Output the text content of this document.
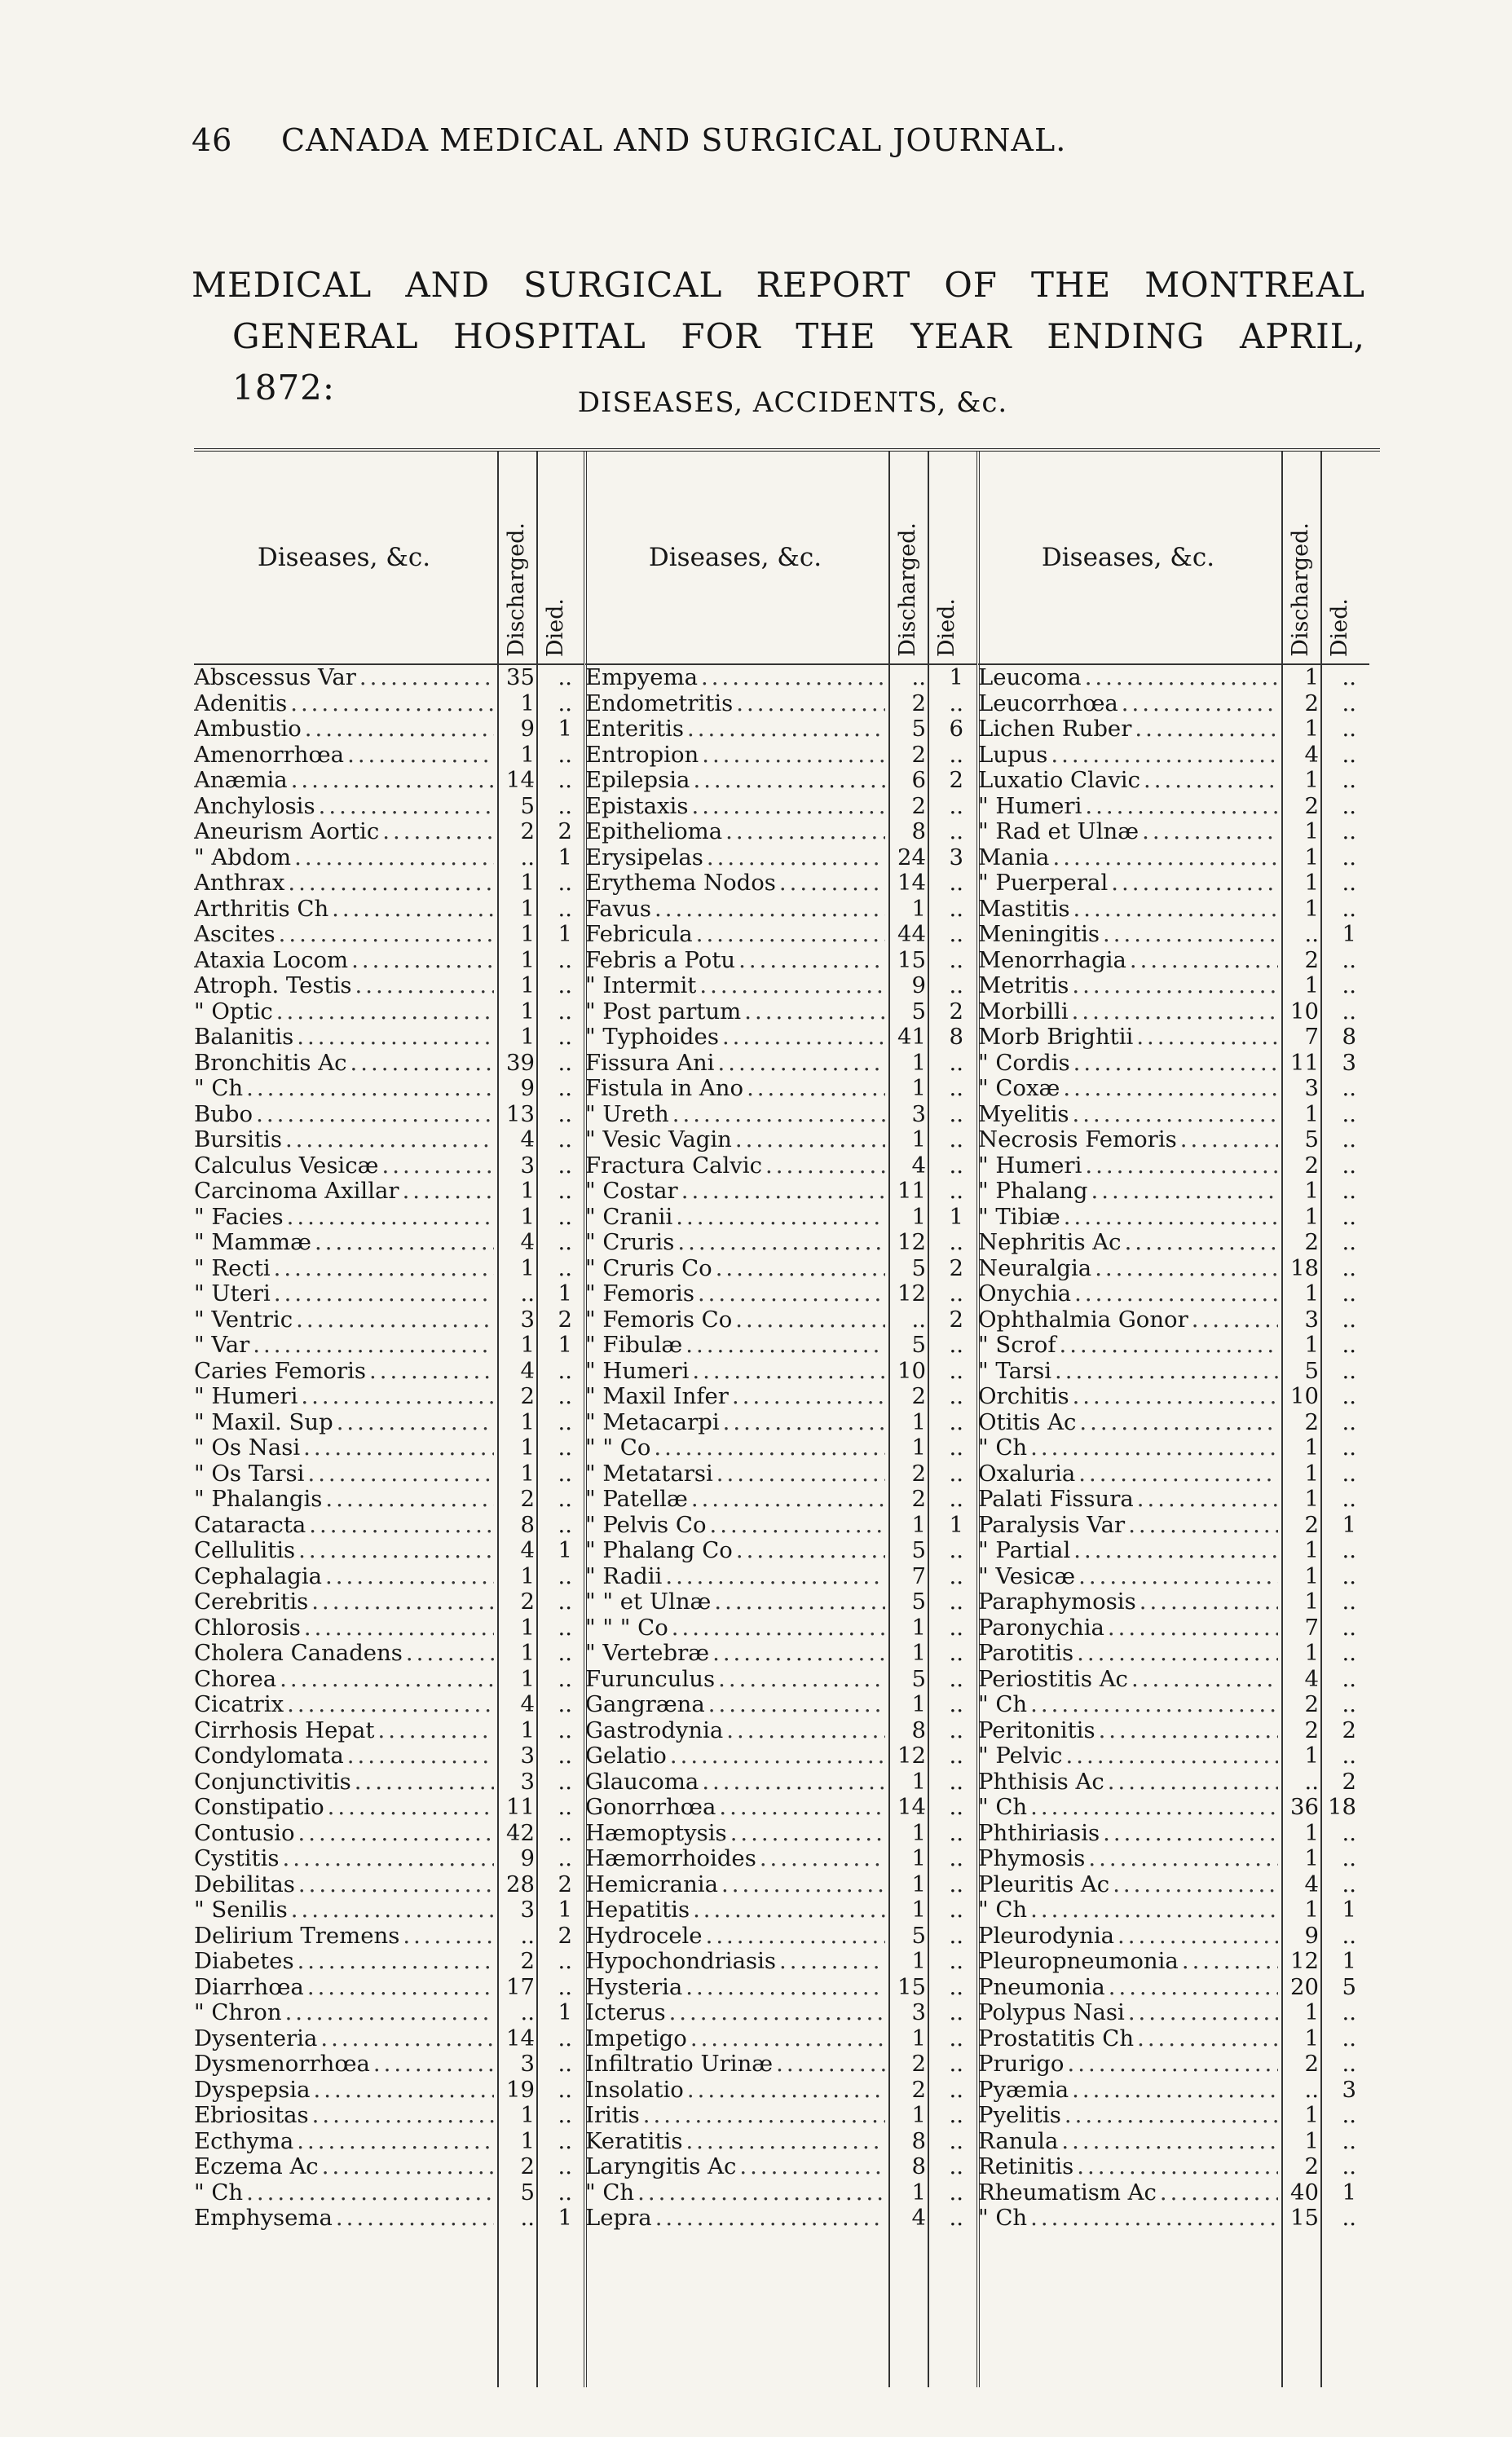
46 CANADA MEDICAL AND SURGICAL JOURNAL.
MEDICAL AND SURGICAL REPORT OF THE MONTREAL
GENERAL HOSPITAL FOR THE YEAR ENDING APRIL,
1872:	DISEASES, ACCIDENTS, &c.
Diseases, &c.	Discharged. Died.
Abscessus Var .....	35	..
Adenitis .....	1	..
Ambustio .....	9	1
Amenorrhœa .....	1	..
Anæmia .....	14	..
Anchylosis .....	5	..
Aneurism Aortic .....	2	2
" Abdom .....	..	1
Anthrax .....	1	..
Arthritis Ch .....	1	..
Ascites .....	1	1
Ataxia Locom .....	1	..
Atroph. Testis .....	1	..
" Optic .....	1	..
Balanitis .....	1	..
Bronchitis Ac .....	39	..
" Ch .....	9	..
Bubo .....	13	..
Bursitis .....	4	..
Calculus Vesicæ .....	3	..
Carcinoma Axillar .....	1	..
" Facies .....	1	..
" Mammæ .....	4	..
" Recti .....	1	..
" Uteri .....	..	1
" Ventric .....	3	2
" Var .....	1	1
Caries Femoris .....	4	..
" Humeri .....	2	..
" Maxil. Sup .....	1	..
" Os Nasi .....	1	..
" Os Tarsi .....	1	..
" Phalangis .....	2	..
Cataracta .....	8	..
Cellulitis .....	4	1
Cephalagia .....	1	..
Cerebritis .....	2	..
Chlorosis .....	1	..
Cholera Canadens .....	1	..
Chorea .....	1	..
Cicatrix .....	4	..
Cirrhosis Hepat .....	1	..
Condylomata .....	3	..
Conjunctivitis .....	3	..
Constipatio .....	11	..
Contusio .....	42	..
Cystitis .....	9	..
Debilitas .....	28	2
" Senilis .....	3	1
Delirium Tremens .....	..	2
Diabetes .....	2	..
Diarrhœa .....	17	..
" Chron .....	..	1
Dysenteria .....	14	..
Dysmenorrhœa .....	3	..
Dyspepsia .....	19	..
Ebriositas .....	1	..
Ecthyma .....	1	..
Eczema Ac .....	2	..
" Ch .....	5	..
Emphysema .....	..	1
Diseases, &c.	Discharged. Died.
Empyema .....	..	1
Endometritis .....	2	..
Enteritis .....	5	6
Entropion .....	2	..
Epilepsia .....	6	2
Epistaxis .....	2	..
Epithelioma .....	8	..
Erysipelas .....	24	3
Erythema Nodos .....	14	..
Favus .....	1	..
Febricula .....	44	..
Febris a Potu .....	15	..
" Intermit .....	9	..
" Post partum .....	5	2
" Typhoides .....	41	8
Fissura Ani .....	1	..
Fistula in Ano .....	1	..
" Ureth .....	3	..
" Vesic Vagin .....	1	..
Fractura Calvic .....	4	..
" Costar .....	11	..
" Cranii .....	1	1
" Cruris .....	12	..
" Cruris Co .....	5	2
" Femoris .....	12	..
" Femoris Co .....	..	2
" Fibulæ .....	5	..
" Humeri .....	10	..
" Maxil Infer .....	2	..
" Metacarpi .....	1	..
" " Co .....	1	..
" Metatarsi .....	2	..
" Patellæ .....	2	..
" Pelvis Co .....	1	1
" Phalang Co .....	5	..
" Radii .....	7	..
" " et Ulnæ .....	5	..
" " " Co .....	1	..
" Vertebræ .....	1	..
Furunculus .....	5	..
Gangræna .....	1	..
Gastrodynia .....	8	..
Gelatio .....	12	..
Glaucoma .....	1	..
Gonorrhœa .....	14	..
Hæmoptysis .....	1	..
Hæmorrhoides .....	1	..
Hemicrania .....	1	..
Hepatitis .....	1	..
Hydrocele .....	5	..
Hypochondriasis .....	1	..
Hysteria .....	15	..
Icterus .....	3	..
Impetigo .....	1	..
Infiltratio Urinæ .....	2	..
Insolatio .....	2	..
Iritis .....	1	..
Keratitis .....	8	..
Laryngitis Ac .....	8	..
" Ch .....	1	..
Lepra .....	4	..
Diseases, &c.	Discharged. Died.
Leucoma .....	1	..
Leucorrhœa .....	2	..
Lichen Ruber .....	1	..
Lupus .....	4	..
Luxatio Clavic .....	1	..
" Humeri .....	2	..
" Rad et Ulnæ .....	1	..
Mania .....	1	..
" Puerperal .....	1	..
Mastitis .....	1	..
Meningitis .....	..	1
Menorrhagia .....	2	..
Metritis .....	1	..
Morbilli .....	10	..
Morb Brightii .....	7	8
" Cordis .....	11	3
" Coxæ .....	3	..
Myelitis .....	1	..
Necrosis Femoris .....	5	..
" Humeri .....	2	..
" Phalang .....	1	..
" Tibiæ .....	1	..
Nephritis Ac .....	2	..
Neuralgia .....	18	..
Onychia .....	1	..
Ophthalmia Gonor .....	3	..
" Scrof .....	1	..
" Tarsi .....	5	..
Orchitis .....	10	..
Otitis Ac .....	2	..
" Ch .....	1	..
Oxaluria .....	1	..
Palati Fissura .....	1	..
Paralysis Var .....	2	1
" Partial .....	1	..
" Vesicæ .....	1	..
Paraphymosis .....	1	..
Paronychia .....	7	..
Parotitis .....	1	..
Periostitis Ac .....	4	..
" Ch .....	2	..
Peritonitis .....	2	2
" Pelvic .....	1	..
Phthisis Ac .....	..	2
" Ch .....	36 18
Phthiriasis .....	1	..
Phymosis .....	1	..
Pleuritis Ac .....	4	..
" Ch .....	1	1
Pleurodynia .....	9	..
Pleuropneumonia .....	12	1
Pneumonia .....	20	5
Polypus Nasi .....	1	..
Prostatitis Ch .....	1	..
Prurigo .....	2	..
Pyæmia .....	..	3
Pyelitis .....	1	..
Ranula .....	1	..
Retinitis .....	2	..
Rheumatism Ac .....	40	1
" Ch .....	15	..
